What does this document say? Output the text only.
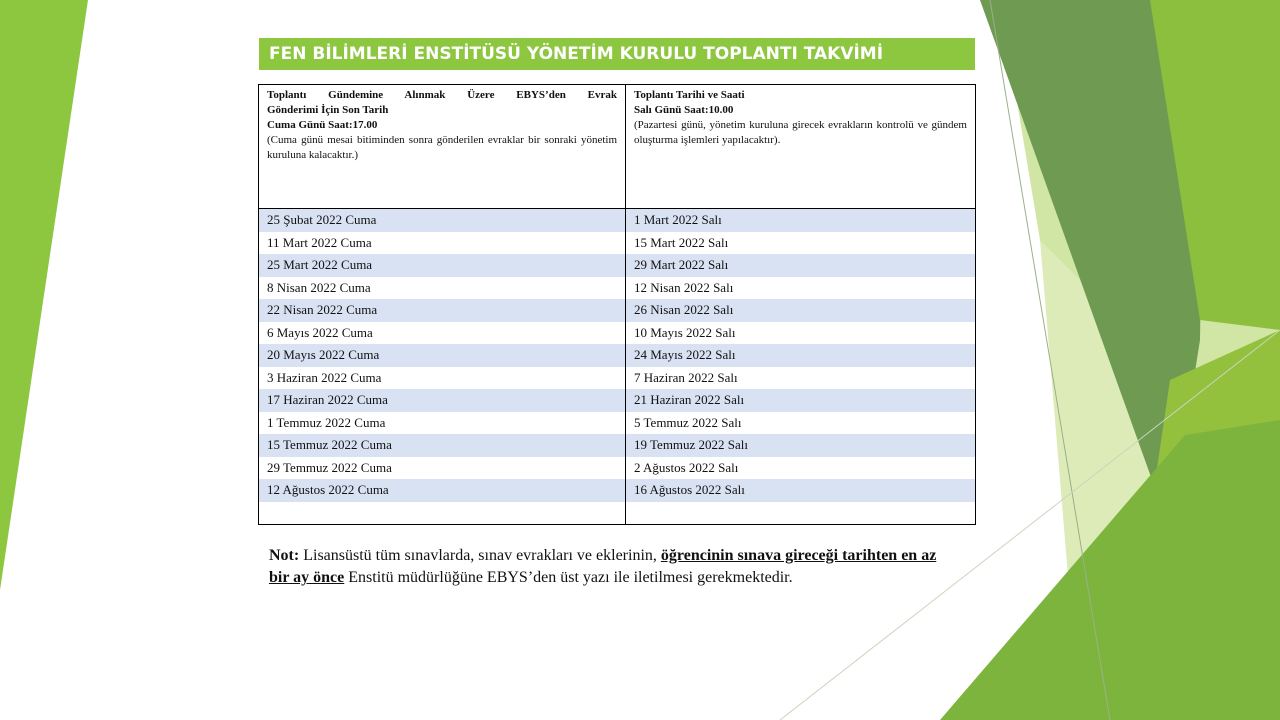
FEN BİLİMLERİ ENSTİTÜSÜ YÖNETİM KURULU TOPLANTI TAKVİMİ
Toplantı Gündemine Alınmak Üzere EBYS’den Evrak
Gönderimi İçin Son Tarih
Cuma Günü Saat:17.00
(Cuma günü mesai bitiminden sonra gönderilen evraklar bir sonraki yönetim kuruluna kalacaktır.)	Toplantı Tarihi ve Saati
Salı Günü Saat:10.00
(Pazartesi günü, yönetim kuruluna girecek evrakların kontrolü ve gündem oluşturma işlemleri yapılacaktır).

25 Şubat 2022 Cuma	1 Mart 2022 Salı
11 Mart 2022 Cuma	15 Mart 2022 Salı
25 Mart 2022 Cuma	29 Mart 2022 Salı
8 Nisan 2022 Cuma	12 Nisan 2022 Salı
22 Nisan 2022 Cuma	26 Nisan 2022 Salı
6 Mayıs 2022 Cuma	10 Mayıs 2022 Salı
20 Mayıs 2022 Cuma	24 Mayıs 2022 Salı
3 Haziran 2022 Cuma	7 Haziran 2022 Salı
17 Haziran 2022 Cuma	21 Haziran 2022 Salı
1 Temmuz 2022 Cuma	5 Temmuz 2022 Salı
15 Temmuz 2022 Cuma	19 Temmuz 2022 Salı
29 Temmuz 2022 Cuma	2 Ağustos 2022 Salı
12 Ağustos 2022 Cuma	16 Ağustos 2022 Salı

Not: Lisansüstü tüm sınavlarda, sınav evrakları ve eklerinin, öğrencinin sınava gireceği tarihten en az bir ay önce Enstitü müdürlüğüne EBYS’den üst yazı ile iletilmesi gerekmektedir.
